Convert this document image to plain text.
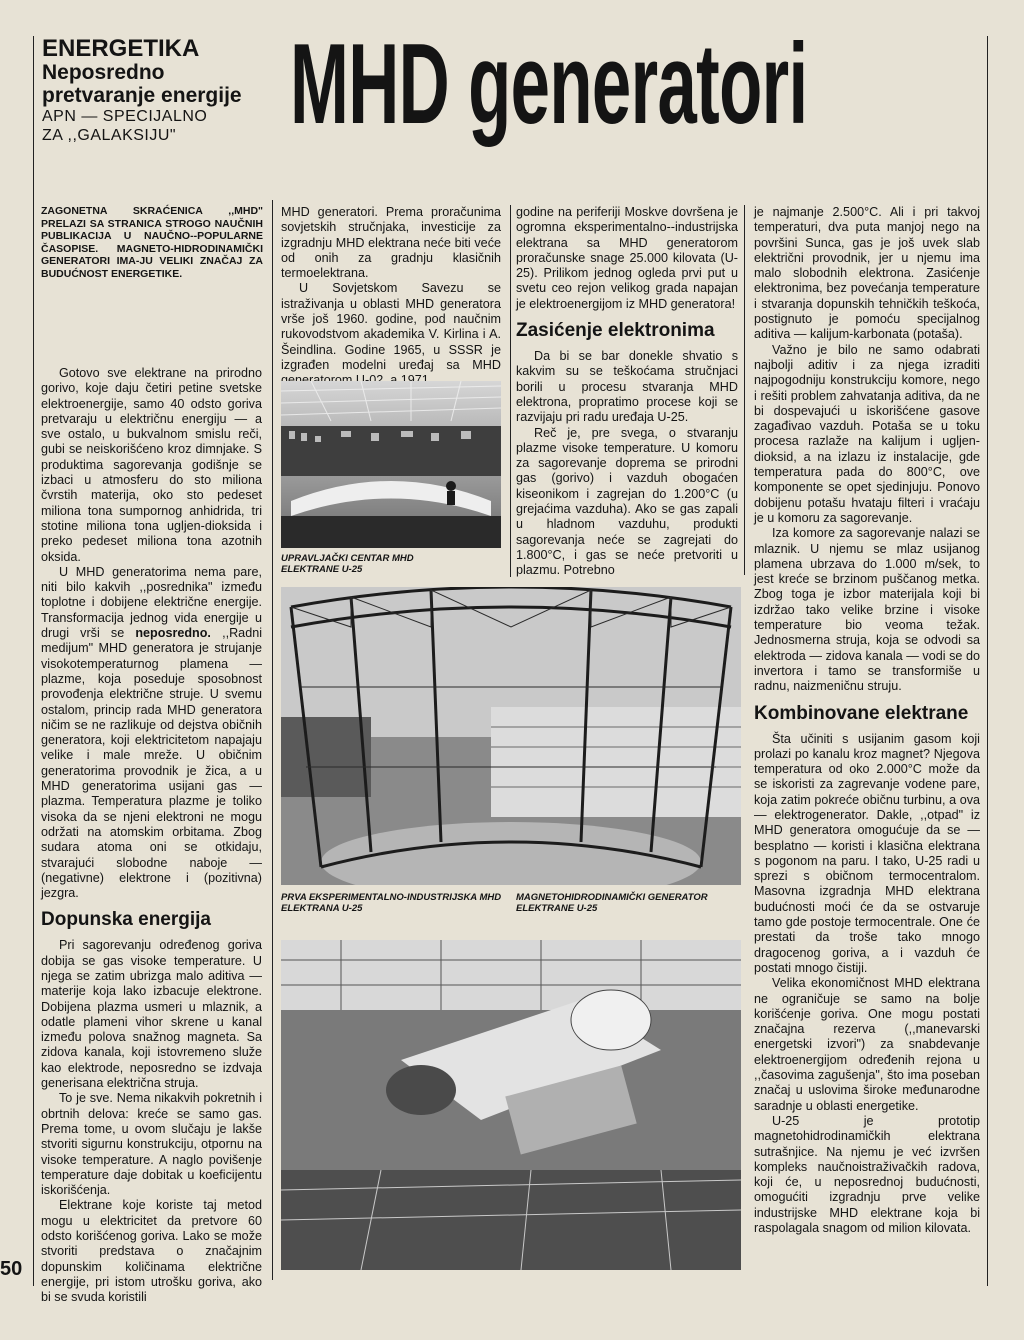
ENERGETIKA

Neposredno

pretvaranje energije

APN — SPECIJALNO

ZA ,,GALAKSIJU" MHD generatori
ZAGONETNA SKRAĆENICA ,,MHD" PRELAZI SA STRANICA STROGO NAUČNIH PUBLIKACIJA U NAUČNO--POPULARNE ČASOPISE. MAGNETO-HIDRODINAMIČKI GENERATORI IMA-JU VELIKI ZNAČAJ ZA BUDUĆNOST ENERGETIKE.

Gotovo sve elektrane na prirodno gorivo, koje daju četiri petine svetske elektroenergije, samo 40 odsto goriva pretvaraju u električnu energiju — a sve ostalo, u bukvalnom smislu reči, gubi se neiskorišćeno kroz dimnjake. S produktima sagorevanja godišnje se izbaci u atmosferu do sto miliona čvrstih materija, oko sto pedeset miliona tona sumpornog anhidrida, tri stotine miliona tona ugljen-dioksida i preko pedeset miliona tona azotnih oksida.

U MHD generatorima nema pare, niti bilo kakvih ,,posrednika" između toplotne i dobijene električne energije. Transformacija jednog vida energije u drugi vrši se neposredno. ,,Radni medijum" MHD generatora je strujanje visokotemperaturnog plamena — plazme, koja poseduje sposobnost provođenja električne struje. U svemu ostalom, princip rada MHD generatora ničim se ne razlikuje od dejstva običnih generatora, koji elektricitetom napajaju velike i male mreže. U običnim generatorima provodnik je žica, a u MHD generatorima usijani gas — plazma. Temperatura plazme je toliko visoka da se njeni elektroni ne mogu održati na atomskim orbitama. Zbog sudara atoma oni se otkidaju, stvarajući slobodne naboje — (negativne) elektrone i (pozitivna) jezgra.

Dopunska energija

Pri sagorevanju određenog goriva dobija se gas visoke temperature. U njega se zatim ubrizga malo aditiva — materije koja lako izbacuje elektrone. Dobijena plazma usmeri u mlaznik, a odatle plameni vihor skrene u kanal između polova snažnog magneta. Sa zidova kanala, koji istovremeno služe kao elektrode, neposredno se izdvaja generisana električna struja.

To je sve. Nema nikakvih pokretnih i obrtnih delova: kreće se samo gas. Prema tome, u ovom slučaju je lakše stvoriti sigurnu konstrukciju, otpornu na visoke temperature. A naglo povišenje temperature daje dobitak u koeficijentu iskorišćenja.

Elektrane koje koriste taj metod mogu u elektricitet da pretvore 60 odsto korišćenog goriva. Lako se može stvoriti predstava o značajnim dopunskim količinama električne energije, pri istom utrošku goriva, ako bi se svuda koristili

MHD generatori. Prema proračunima sovjetskih stručnjaka, investicije za izgradnju MHD elektrana neće biti veće od onih za gradnju klasičnih termoelektrana.

U Sovjetskom Savezu se istraživanja u oblasti MHD generatora vrše još 1960. godine, pod naučnim rukovodstvom akademika V. Kirlina i A. Šeindlina. Godine 1965, u SSSR je izgrađen modelni uređaj sa MHD

godine na periferiji Moskve dovršena je ogromna eksperimentalno--industrijska elektrana sa MHD generatorom proračunske snage 25.000 kilovata (U-25). Prilikom jednog ogleda prvi put u svetu ceo rejon velikog grada napajan je elektroenergijom iz MHD generatora!

Zasićenje elektronima

Da bi se bar donekle shvatio s kakvim su se teškoćama stručnjaci borili u procesu stvaranja MHD elektrona, propratimo procese koji se razvijaju pri radu uređaja U-25.

Reč je, pre svega, o stvaranju plazme visoke temperature. U komoru za sagorevanje doprema se prirodni gas (gorivo) i vazduh obogaćen kiseonikom i zagrejan do 1.200°C (u grejaćima vazduha). Ako se gas zapali u hladnom vazduhu, produkti sagorevanja neće se zagrejati do 1.800°C, i gas se neće pretvoriti u plazmu. Potrebno

je najmanje 2.500°C. Ali i pri takvoj temperaturi, dva puta manjoj nego na površini Sunca, gas je još uvek slab električni provodnik, jer u njemu ima malo slobodnih elektrona. Zasićenje elektronima, bez povećanja temperature i stvaranja dopunskih tehničkih teškoća, postignuto je pomoću specijalnog aditiva — kalijum-karbonata (potaša).

Važno je bilo ne samo odabrati najbolji aditiv i za njega izraditi najpogodniju konstrukciju komore, nego i rešiti problem zahvatanja aditiva, da ne bi dospevajući u iskorišćene gasove zagađivao vazduh. Potaša se u toku procesa razlaže na kalijum i ugljen-dioksid, a na izlazu iz instalacije, gde temperatura pada do 800°C, ove komponente se opet sjedinjuju. Ponovo dobijenu potašu hvataju filteri i vraćaju je u komoru za sagorevanje.

Iza komore za sagorevanje nalazi se mlaznik. U njemu se mlaz usijanog plamena ubrzava do 1.000 m/sek, to jest kreće se brzinom puščanog metka. Zbog toga je izbor materijala koji bi izdržao tako velike brzine i visoke temperature bio veoma težak. Jednosmerna struja, koja se odvodi sa elektroda — zidova kanala — vodi se do invertora i tamo se transformiše u radnu, naizmeničnu struju.

Kombinovane elektrane

Šta učiniti s usijanim gasom koji prolazi po kanalu kroz magnet? Njegova temperatura od oko 2.000°C može da se iskoristi za zagrevanje vodene pare, koja zatim pokreće običnu turbinu, a ova — elektrogenerator. Dakle, ,,otpad" iz MHD generatora omogućuje da se — besplatno — koristi i klasična elektrana s pogonom na paru. I tako, U-25 radi u sprezi s običnom termocentralom. Masovna izgradnja MHD elektrana budućnosti moći će da se ostvaruje tamo gde postoje termocentrale. One će prestati da troše tako mnogo dragocenog goriva, a i vazduh će postati mnogo čistiji.

Velika ekonomičnost MHD elektrana ne ograničuje se samo na bolje korišćenje goriva. One mogu postati značajna rezerva (,,manevarski energetski izvori") za snabdevanje elektroenergijom određenih rejona u ,,časovima zagušenja", što ima poseban značaj u uslovima široke međunarodne saradnje u oblasti energetike.

U-25 je prototip magnetohidrodinamičkih elektrana sutrašnjice. Na njemu je već izvršen kompleks naučnoistraživačkih radova, koji će, u neposrednoj budućnosti, omogućiti izgradnju prve velike industrijske MHD elektrane koja bi raspolagala snagom od milion kilovata.

UPRAVLJAČKI CENTAR MHD ELEKTRANE U-25
PRVA EKSPERIMENTALNO-INDUSTRIJSKA MHD ELEKTRANA U-25
MAGNETOHIDRODINAMIČKI GENERATOR ELEKTRANE U-25
50
